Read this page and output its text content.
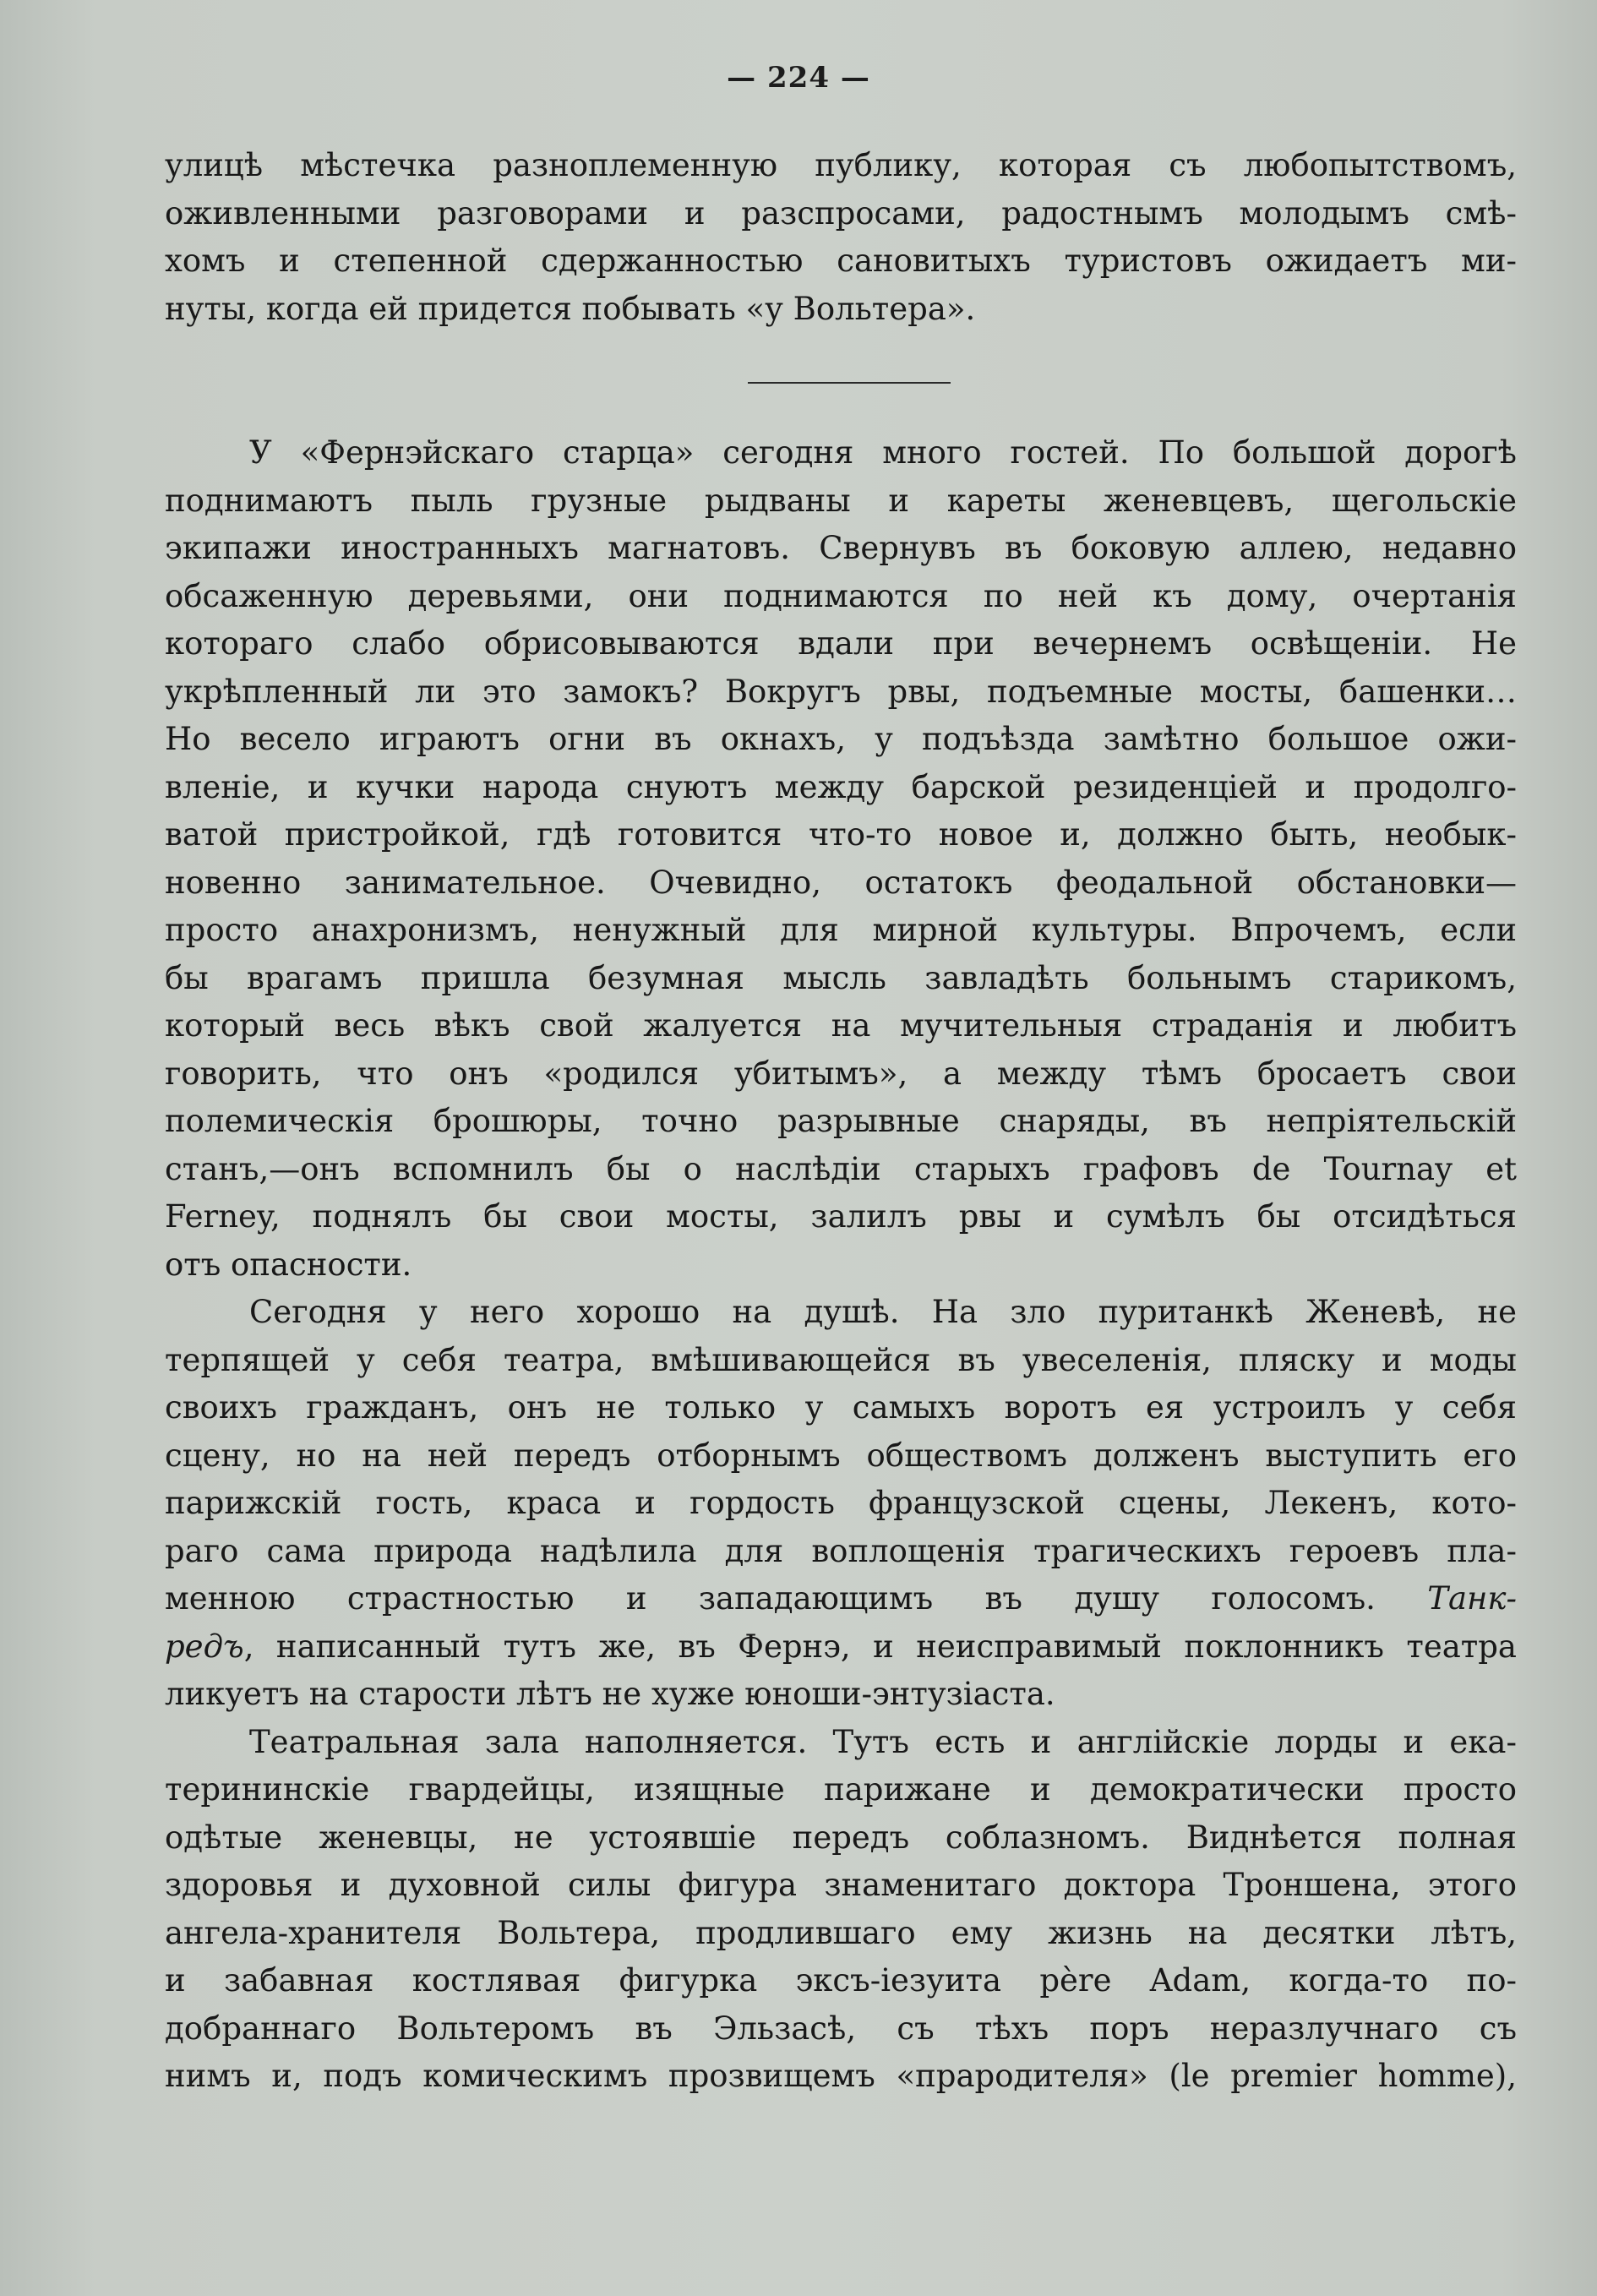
— 224 —
улицѣ мѣстечка разноплеменную публику, которая съ любопытствомъ,
оживленными разговорами и разспросами, радостнымъ молодымъ смѣ-
хомъ и степенной сдержанностью сановитыхъ туристовъ ожидаетъ ми-
нуты, когда ей придется побывать «у Вольтера».
У «Фернэйскаго старца» сегодня много гостей. По большой дорогѣ
поднимаютъ пыль грузные рыдваны и кареты женевцевъ, щегольскіе
экипажи иностранныхъ магнатовъ. Свернувъ въ боковую аллею, недавно
обсаженную деревьями, они поднимаются по ней къ дому, очертанія
котораго слабо обрисовываются вдали при вечернемъ освѣщеніи. Не
укрѣпленный ли это замокъ? Вокругъ рвы, подъемные мосты, башенки…
Но весело играютъ огни въ окнахъ, у подъѣзда замѣтно большое ожи-
вленіе, и кучки народа снуютъ между барской резиденціей и продолго-
ватой пристройкой, гдѣ готовится что-то новое и, должно быть, необык-
новенно занимательное. Очевидно, остатокъ феодальной обстановки—
просто анахронизмъ, ненужный для мирной культуры. Впрочемъ, если
бы врагамъ пришла безумная мысль завладѣть больнымъ старикомъ,
который весь вѣкъ свой жалуется на мучительныя страданія и любитъ
говорить, что онъ «родился убитымъ», а между тѣмъ бросаетъ свои
полемическія брошюры, точно разрывные снаряды, въ непріятельскій
станъ,—онъ вспомнилъ бы о наслѣдіи старыхъ графовъ de Tournay et
Ferney, поднялъ бы свои мосты, залилъ рвы и сумѣлъ бы отсидѣться
отъ опасности.
Сегодня у него хорошо на душѣ. На зло пуританкѣ Женевѣ, не
терпящей у себя театра, вмѣшивающейся въ увеселенія, пляску и моды
своихъ гражданъ, онъ не только у самыхъ воротъ ея устроилъ у себя
сцену, но на ней передъ отборнымъ обществомъ долженъ выступить его
парижскій гость, краса и гордость французской сцены, Лекенъ, кото-
раго сама природа надѣлила для воплощенія трагическихъ героевъ пла-
менною страстностью и западающимъ въ душу голосомъ. Танк-
редъ, написанный тутъ же, въ Фернэ, и неисправимый поклонникъ театра
ликуетъ на старости лѣтъ не хуже юноши-энтузіаста.
Театральная зала наполняется. Тутъ есть и англійскіе лорды и ека-
терининскіе гвардейцы, изящные парижане и демократически просто
одѣтые женевцы, не устоявшіе передъ соблазномъ. Виднѣется полная
здоровья и духовной силы фигура знаменитаго доктора Троншена, этого
ангела-хранителя Вольтера, продлившаго ему жизнь на десятки лѣтъ,
и забавная костлявая фигурка эксъ-іезуита père Adam, когда-то по-
добраннаго Вольтеромъ въ Эльзасѣ, съ тѣхъ поръ неразлучнаго съ
нимъ и, подъ комическимъ прозвищемъ «прародителя» (le premier homme),
